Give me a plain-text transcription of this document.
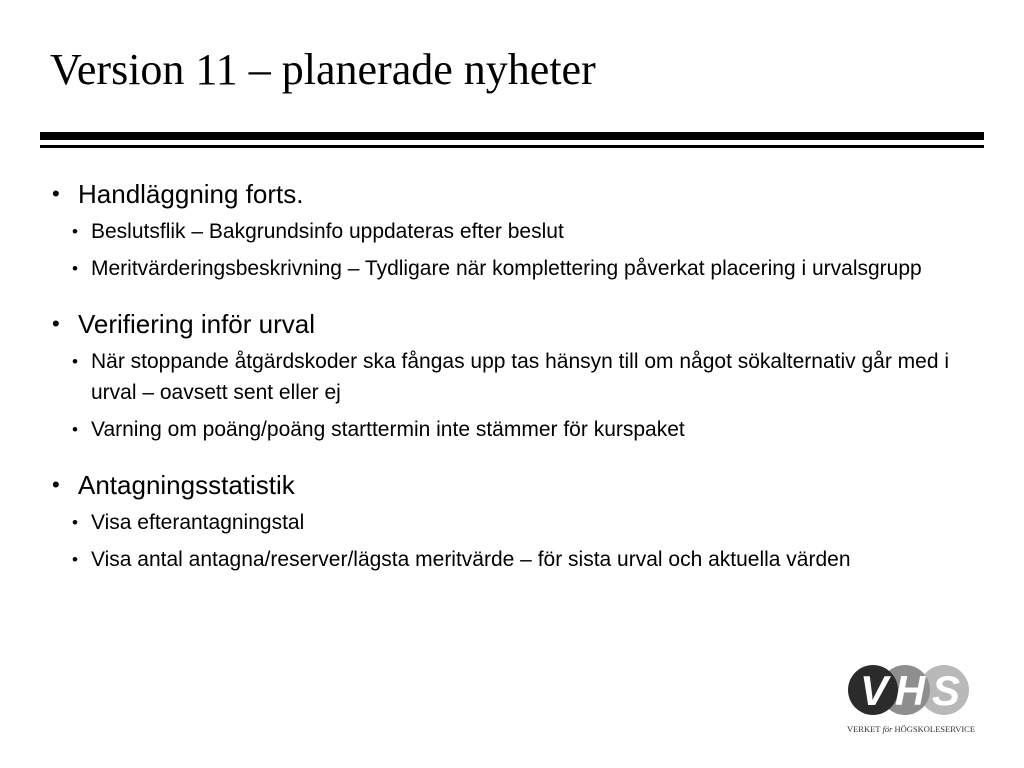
Version 11 – planerade nyheter
• Handläggning forts.
• Beslutsflik – Bakgrundsinfo uppdateras efter beslut
• Meritvärderingsbeskrivning – Tydligare när komplettering påverkat placering i urvalsgrupp
• Verifiering inför urval
• När stoppande åtgärdskoder ska fångas upp tas hänsyn till om något sökalternativ går med i urval – oavsett sent eller ej
• Varning om poäng/poäng starttermin inte stämmer för kurspaket
• Antagningsstatistik
• Visa efterantagningstal
• Visa antal antagna/reserver/lägsta meritvärde – för sista urval och aktuella värden
V H S
VERKET för HÖGSKOLESERVICE
